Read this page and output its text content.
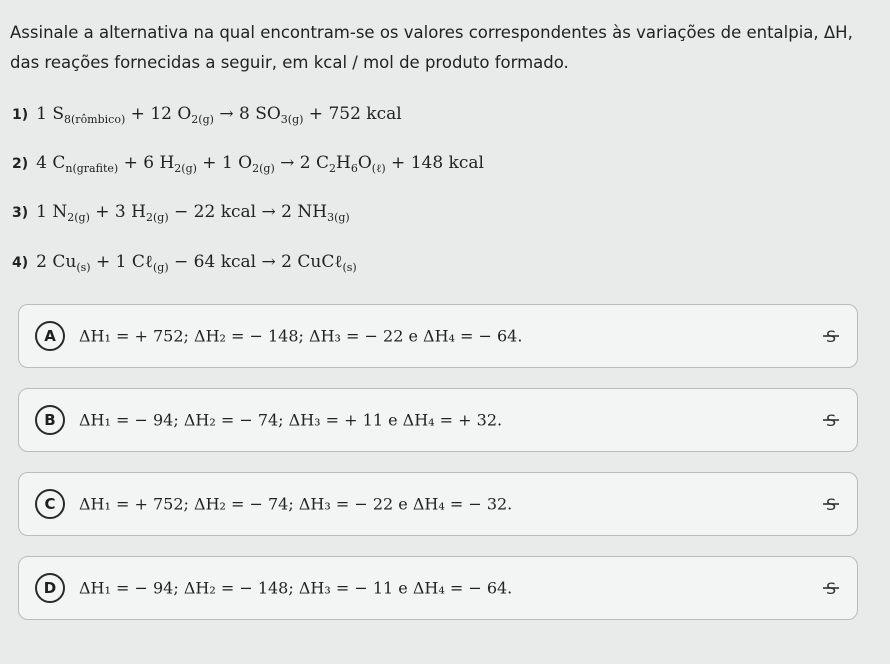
Assinale a alternativa na qual encontram-se os valores correspondentes às variações de entalpia, ΔH, das reações fornecidas a seguir, em kcal / mol de produto formado.
1) 1 $S_{8(rômbico)} + 12$ $O_{2(g)} \to 8$ $SO_{3(g)} + 752$ kcal
2) 4 $C_{n(grafite)} + 6$ $H_{2(g)} + 1$ $O_{2(g)} \to 2$ $C_2H_6O_{(\ell)} + 148$ kcal
3) 1 $N_{2(g)} + 3$ $H_{2(g)} - 22$ kcal → 2 $NH_{3(g)}$
4) 2 $Cu_{(s)} + 1$ Cℓ$_{(g)}$ − 64 kcal → 2 CuCℓ$_{(s)}$
A	ΔH₁ = + 752; ΔH₂ = − 148; ΔH₃ = − 22 e ΔH₄ = − 64.	S
B	ΔH₁ = − 94; ΔH₂ = − 74; ΔH₃ = + 11 e ΔH₄ = + 32.	S
C	ΔH₁ = + 752; ΔH₂ = − 74; ΔH₃ = − 22 e ΔH₄ = − 32.	S
D	ΔH₁ = − 94; ΔH₂ = − 148; ΔH₃ = − 11 e ΔH₄ = − 64.	S
